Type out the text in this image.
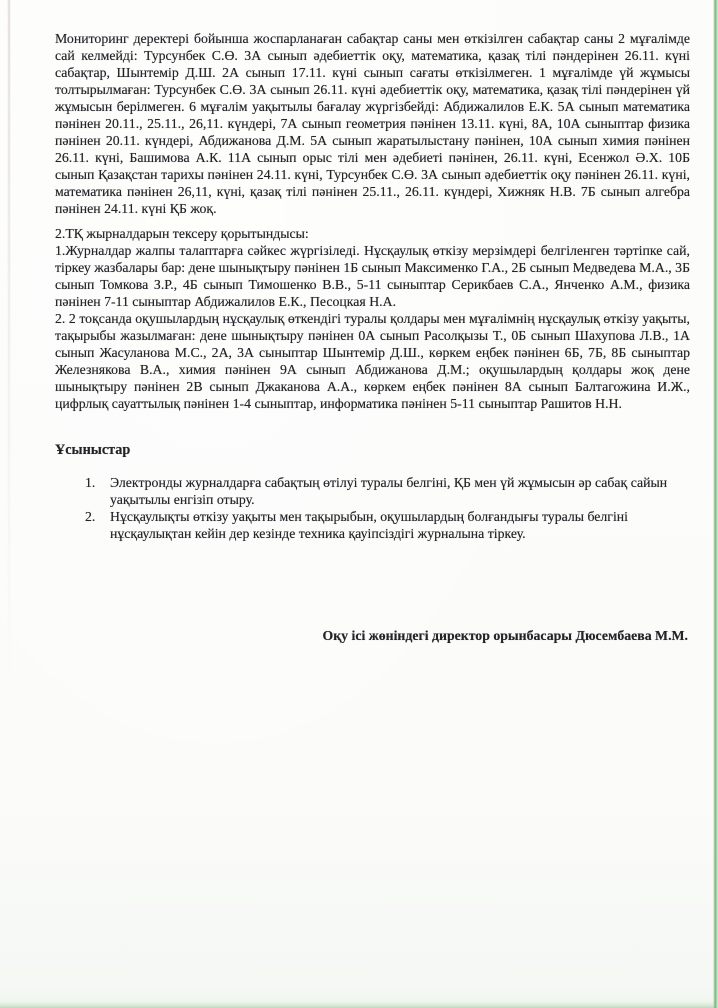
Мониторинг деректері бойынша жоспарланаған сабақтар саны мен өткізілген сабақтар саны 2 мұғалімде сай келмейді: Турсунбек С.Ө. 3А сынып әдебиеттік оқу, математика, қазақ тілі пәндерінен 26.11. күні сабақтар, Шынтемір Д.Ш. 2А сынып 17.11. күні сынып сағаты өткізілмеген. 1 мұғалімде үй жұмысы толтырылмаған: Турсунбек С.Ө. 3А сынып 26.11. күні әдебиеттік оқу, математика, қазақ тілі пәндерінен үй жұмысын берілмеген. 6 мұғалім уақытылы бағалау жүргізбейді: Абдижалилов Е.К. 5А сынып математика пәнінен 20.11., 25.11., 26,11. күндері, 7А сынып геометрия пәнінен 13.11. күні, 8А, 10А сыныптар физика пәнінен 20.11. күндері, Абдижанова Д.М. 5А сынып жаратылыстану пәнінен, 10А сынып химия пәнінен 26.11. күні, Башимова А.К. 11А сынып орыс тілі мен әдебиеті пәнінен, 26.11. күні, Есенжол Ә.Х. 10Б сынып Қазақстан тарихы пәнінен 24.11. күні, Турсунбек С.Ө. 3А сынып әдебиеттік оқу пәнінен 26.11. күні, математика пәнінен 26,11, күні, қазақ тілі пәнінен 25.11., 26.11. күндері, Хижняк Н.В. 7Б сынып алгебра пәнінен 24.11. күні ҚБ жоқ.

2.ТҚ жырналдарын тексеру қорытындысы:

1.Журналдар жалпы талаптарға сәйкес жүргізіледі. Нұсқаулық өткізу мерзімдері белгіленген тәртіпке сай, тіркеу жазбалары бар: дене шынықтыру пәнінен 1Б сынып Максименко Г.А., 2Б сынып Медведева М.А., 3Б сынып Томкова З.Р., 4Б сынып Тимошенко В.В., 5-11 сыныптар Серикбаев С.А., Янченко А.М., физика пәнінен 7-11 сыныптар Абдижалилов Е.К., Песоцкая Н.А.

2. 2 тоқсанда оқушылардың нұсқаулық өткендігі туралы қолдары мен мұғалімнің нұсқаулық өткізу уақыты, тақырыбы жазылмаған: дене шынықтыру пәнінен 0А сынып Расолқызы Т., 0Б сынып Шахупова Л.В., 1А сынып Жасуланова М.С., 2А, 3А сыныптар Шынтемір Д.Ш., көркем еңбек пәнінен 6Б, 7Б, 8Б сыныптар Железнякова В.А., химия пәнінен 9А сынып Абдижанова Д.М.; оқушылардың қолдары жоқ дене шынықтыру пәнінен 2В сынып Джаканова А.А., көркем еңбек пәнінен 8А сынып Балтагожина И.Ж., цифрлық сауаттылық пәнінен 1-4 сыныптар, информатика пәнінен 5-11 сыныптар Рашитов Н.Н.

Ұсыныстар
1.	Электронды журналдарға сабақтың өтілуі туралы белгіні, ҚБ мен үй жұмысын әр сабақ сайын уақытылы енгізіп отыру.
2.	Нұсқаулықты өткізу уақыты мен тақырыбын, оқушылардың болғандығы туралы белгіні нұсқаулықтан кейін дер кезінде техника қауіпсіздігі журналына тіркеу.
Оқу ісі жөніндегі директор орынбасары Дюсембаева М.М.
